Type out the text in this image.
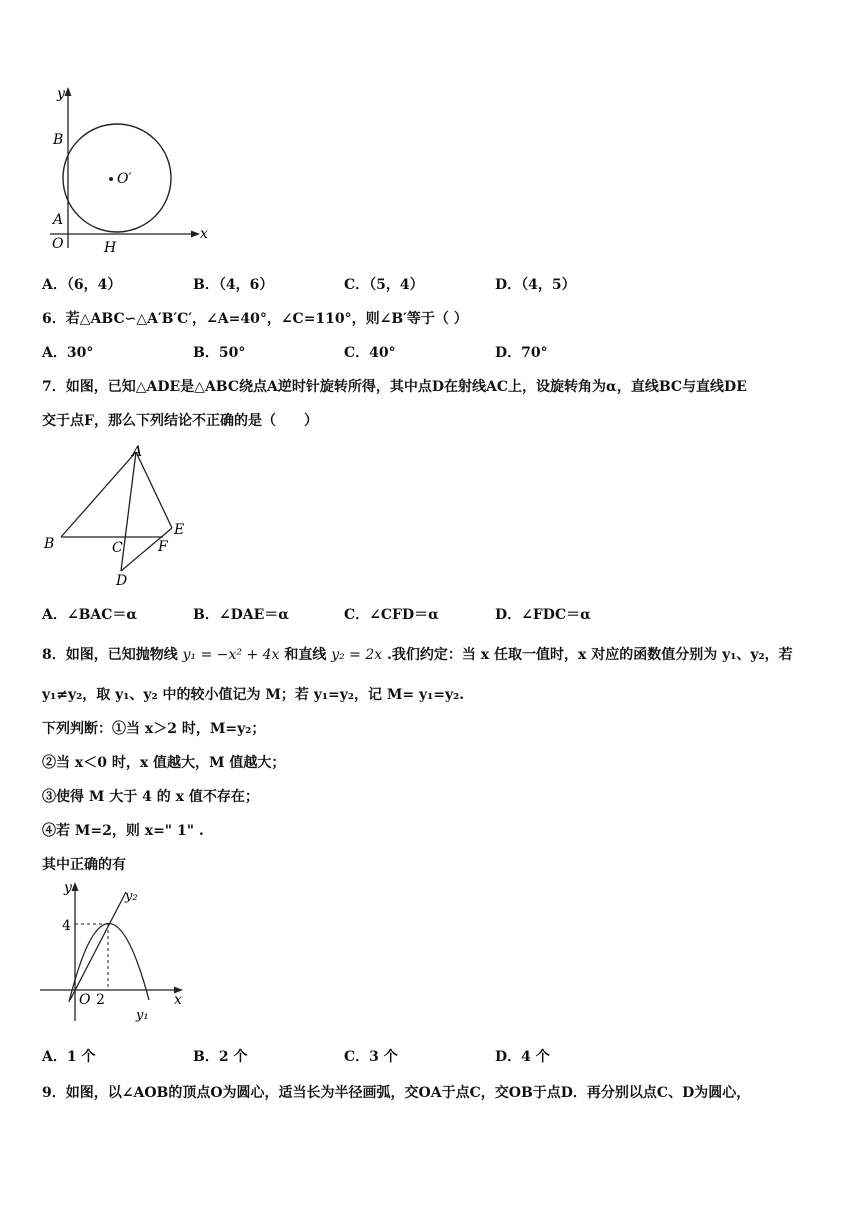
y
x
B
A
O	H
O′
A．（6，4）	B．（4，6）	C．（5，4）	D．（4，5）
6．若△ABC∽△A′B′C′，∠A=40°，∠C=110°，则∠B′等于（ ）
A．30°	B．50°	C．40°	D．70°
7．如图，已知△ADE是△ABC绕点A逆时针旋转所得，其中点D在射线AC上，设旋转角为α，直线BC与直线DE
交于点F，那么下列结论不正确的是（　　）
A
B	C
D
E
F
A．∠BAC＝α	B．∠DAE＝α	C．∠CFD＝α	D．∠FDC＝α
8．如图，已知抛物线 y₁ = −x² + 4x 和直线 y₂ = 2x .我们约定：当 x 任取一值时，x 对应的函数值分别为 y₁、y₂，若
y₁≠y₂，取 y₁、y₂ 中的较小值记为 M；若 y₁=y₂，记 M= y₁=y₂.
下列判断：①当 x＞2 时，M=y₂；
②当 x＜0 时，x 值越大，M 值越大；
③使得 M 大于 4 的 x 值不存在；
④若 M=2，则 x=" 1" .
其中正确的有
y
x
4
O 2
y₁
y₂
A．1 个	B．2 个	C．3 个	D．4 个
9．如图，以∠AOB的顶点O为圆心，适当长为半径画弧，交OA于点C，交OB于点D．再分别以点C、D为圆心，
